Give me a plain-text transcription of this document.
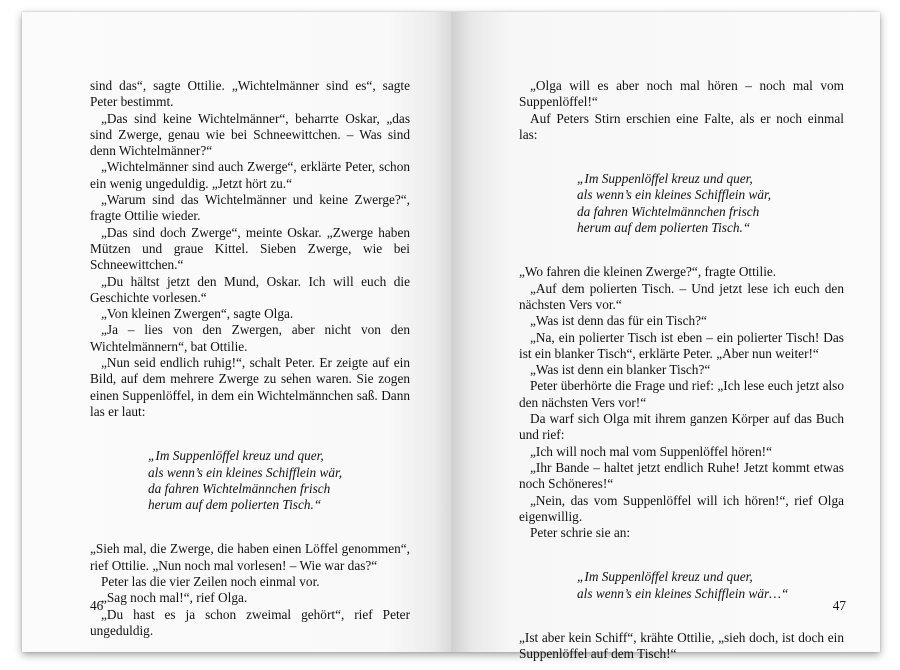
sind das“, sagte Ottilie. „Wichtelmänner sind es“, sagte Peter bestimmt.

„Das sind keine Wichtelmänner“, beharrte Oskar, „das sind Zwerge, genau wie bei Schneewittchen. – Was sind denn Wichtelmänner?“

„Wichtelmänner sind auch Zwerge“, erklärte Peter, schon ein wenig ungeduldig. „Jetzt hört zu.“

„Warum sind das Wichtelmänner und keine Zwerge?“, fragte Ottilie wieder.

„Das sind doch Zwerge“, meinte Oskar. „Zwerge haben Mützen und graue Kittel. Sieben Zwerge, wie bei Schneewittchen.“

„Du hältst jetzt den Mund, Oskar. Ich will euch die Geschichte vorlesen.“

„Von kleinen Zwergen“, sagte Olga.

„Ja – lies von den Zwergen, aber nicht von den Wichtelmännern“, bat Ottilie.

„Nun seid endlich ruhig!“, schalt Peter. Er zeigte auf ein Bild, auf dem mehrere Zwerge zu sehen waren. Sie zogen einen Suppenlöffel, in dem ein Wichtelmännchen saß. Dann las er laut:

„Im Suppenlöffel kreuz und quer,
als wenn’s ein kleines Schifflein wär,
da fahren Wichtelmännchen frisch
herum auf dem polierten Tisch.“

„Sieh mal, die Zwerge, die haben einen Löffel genommen“, rief Ottilie. „Nun noch mal vorlesen! – Wie war das?“

Peter las die vier Zeilen noch einmal vor.

„Sag noch mal!“, rief Olga.

„Du hast es ja schon zweimal gehört“, rief Peter ungeduldig.

46

„Olga will es aber noch mal hören – noch mal vom Suppenlöffel!“

Auf Peters Stirn erschien eine Falte, als er noch einmal las:

„Im Suppenlöffel kreuz und quer,
als wenn’s ein kleines Schifflein wär,
da fahren Wichtelmännchen frisch
herum auf dem polierten Tisch.“

„Wo fahren die kleinen Zwerge?“, fragte Ottilie.

„Auf dem polierten Tisch. – Und jetzt lese ich euch den nächsten Vers vor.“

„Was ist denn das für ein Tisch?“

„Na, ein polierter Tisch ist eben – ein polierter Tisch! Das ist ein blanker Tisch“, erklärte Peter. „Aber nun weiter!“

„Was ist denn ein blanker Tisch?“

Peter überhörte die Frage und rief: „Ich lese euch jetzt also den nächsten Vers vor!“

Da warf sich Olga mit ihrem ganzen Körper auf das Buch und rief:

„Ich will noch mal vom Suppenlöffel hören!“

„Ihr Bande – haltet jetzt endlich Ruhe! Jetzt kommt etwas noch Schöneres!“

„Nein, das vom Suppenlöffel will ich hören!“, rief Olga eigenwillig.

Peter schrie sie an:

„Im Suppenlöffel kreuz und quer,
als wenn’s ein kleines Schifflein wär…“

„Ist aber kein Schiff“, krähte Ottilie, „sieh doch, ist doch ein Suppenlöffel auf dem Tisch!“

47
